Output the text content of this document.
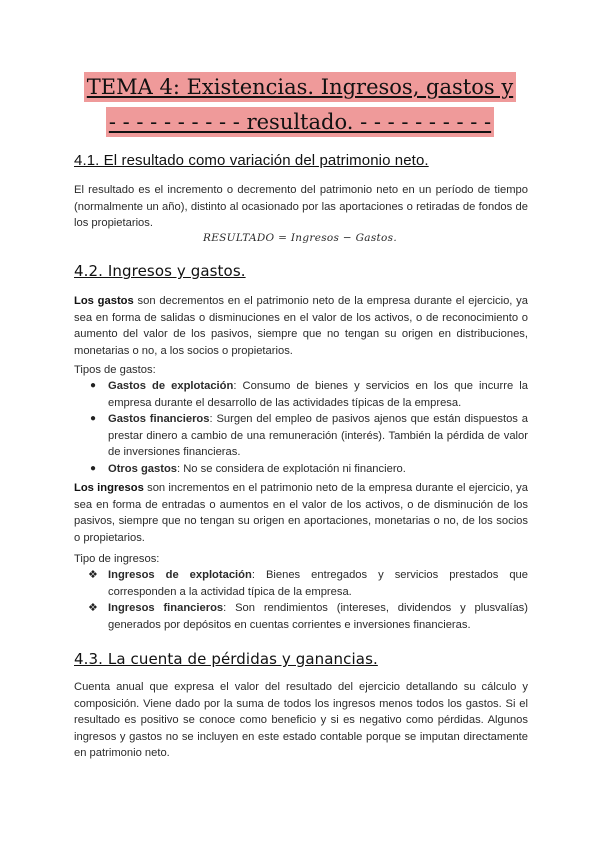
TEMA 4: Existencias. Ingresos, gastos y
- - - - - - - - - - resultado. - - - - - - - - - -
4.1. El resultado como variación del patrimonio neto.

El resultado es el incremento o decremento del patrimonio neto en un período de tiempo (normalmente un año), distinto al ocasionado por las aportaciones o retiradas de fondos de los propietarios.

RESULTADO = Ingresos − Gastos.
4.2. Ingresos y gastos.

Los gastos son decrementos en el patrimonio neto de la empresa durante el ejercicio, ya sea en forma de salidas o disminuciones en el valor de los activos, o de reconocimiento o aumento del valor de los pasivos, siempre que no tengan su origen en distribuciones, monetarias o no, a los socios o propietarios.

Tipos de gastos:

● Gastos de explotación: Consumo de bienes y servicios en los que incurre la empresa durante el desarrollo de las actividades típicas de la empresa.
● Gastos financieros: Surgen del empleo de pasivos ajenos que están dispuestos a prestar dinero a cambio de una remuneración (interés). También la pérdida de valor de inversiones financieras.
● Otros gastos: No se considera de explotación ni financiero.

Los ingresos son incrementos en el patrimonio neto de la empresa durante el ejercicio, ya sea en forma de entradas o aumentos en el valor de los activos, o de disminución de los pasivos, siempre que no tengan su origen en aportaciones, monetarias o no, de los socios o propietarios.

Tipo de ingresos:

❖ Ingresos de explotación: Bienes entregados y servicios prestados que corresponden a la actividad típica de la empresa.
❖ Ingresos financieros: Son rendimientos (intereses, dividendos y plusvalías) generados por depósitos en cuentas corrientes e inversiones financieras.
4.3. La cuenta de pérdidas y ganancias.

Cuenta anual que expresa el valor del resultado del ejercicio detallando su cálculo y composición. Viene dado por la suma de todos los ingresos menos todos los gastos. Si el resultado es positivo se conoce como beneficio y si es negativo como pérdidas. Algunos ingresos y gastos no se incluyen en este estado contable porque se imputan directamente en patrimonio neto.
